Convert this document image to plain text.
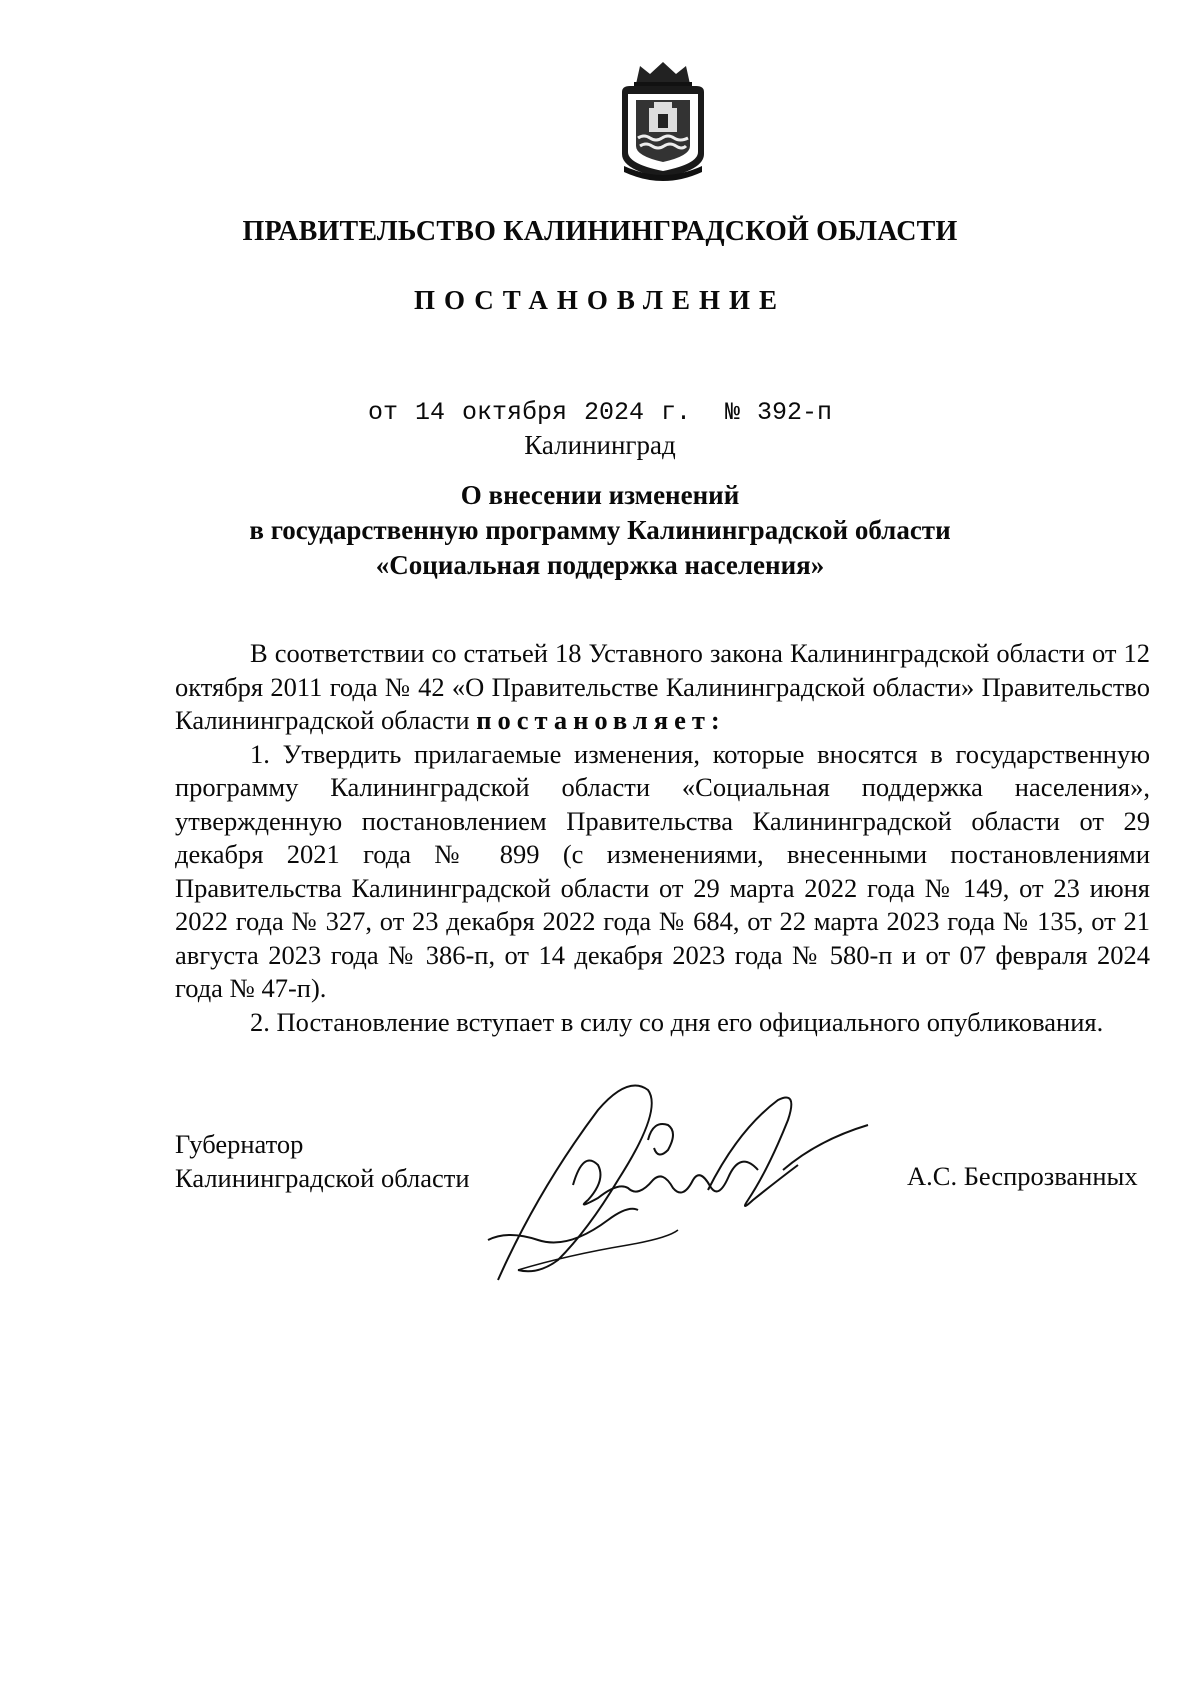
ПРАВИТЕЛЬСТВО КАЛИНИНГРАДСКОЙ ОБЛАСТИ
ПОСТАНОВЛЕНИЕ
от 14 октября 2024 г. № 392-п
Калининград
О внесении изменений
в государственную программу Калининградской области
«Социальная поддержка населения»

В соответствии со статьей 18 Уставного закона Калининградской области от 12 октября 2011 года № 42 «О Правительстве Калининградской области» Правительство Калининградской области постановляет:

1. Утвердить прилагаемые изменения, которые вносятся в государственную программу Калининградской области «Социальная поддержка населения», утвержденную постановлением Правительства Калининградской области от 29 декабря 2021 года № 899 (с изменениями, внесенными постановлениями Правительства Калининградской области от 29 марта 2022 года № 149, от 23 июня 2022 года № 327, от 23 декабря 2022 года № 684, от 22 марта 2023 года № 135, от 21 августа 2023 года № 386-п, от 14 декабря 2023 года № 580-п и от 07 февраля 2024 года № 47-п).

2. Постановление вступает в силу со дня его официального опубликования.

Губернатор
Калининградской области	А.С. Беспрозванных
